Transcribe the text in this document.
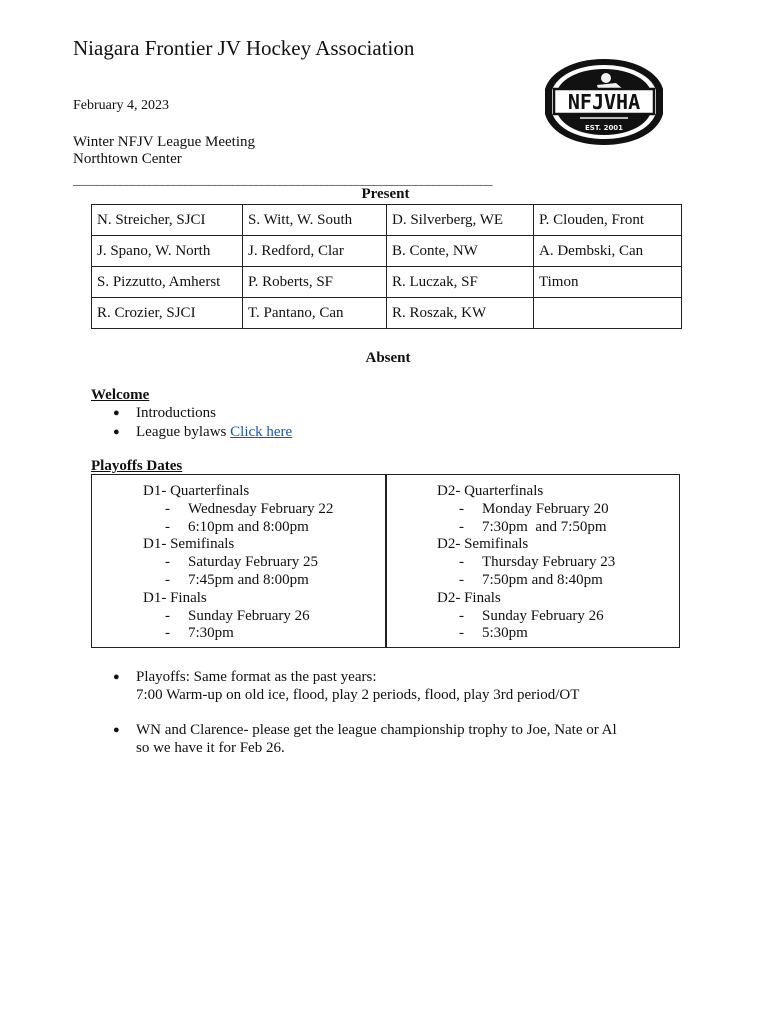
Niagara Frontier JV Hockey Association
February 4, 2023
Winter NFJV League Meeting
Northtown Center
_______________________________________________________________________
NFJVHA
EST. 2001
Present
N. Streicher, SJCI	S. Witt, W. South	D. Silverberg, WE	P. Clouden, Front
J. Spano, W. North	J. Redford, Clar	B. Conte, NW	A. Dembski, Can
S. Pizzutto, Amherst	P. Roberts, SF	R. Luczak, SF	Timon
R. Crozier, SJCI	T. Pantano, Can	R. Roszak, KW	
Absent
Welcome
● Introductions
● League bylaws Click here
Playoffs Dates
D1- Quarterfinals
- Wednesday February 22
- 6:10pm and 8:00pm
D1- Semifinals
- Saturday February 25
- 7:45pm and 8:00pm
D1- Finals
- Sunday February 26
- 7:30pm
D2- Quarterfinals
- Monday February 20
- 7:30pm  and 7:50pm
D2- Semifinals
- Thursday February 23
- 7:50pm and 8:40pm
D2- Finals
- Sunday February 26
- 5:30pm
● Playoffs: Same format as the past years:
7:00 Warm-up on old ice, flood, play 2 periods, flood, play 3rd period/OT
● WN and Clarence- please get the league championship trophy to Joe, Nate or Al
so we have it for Feb 26.
